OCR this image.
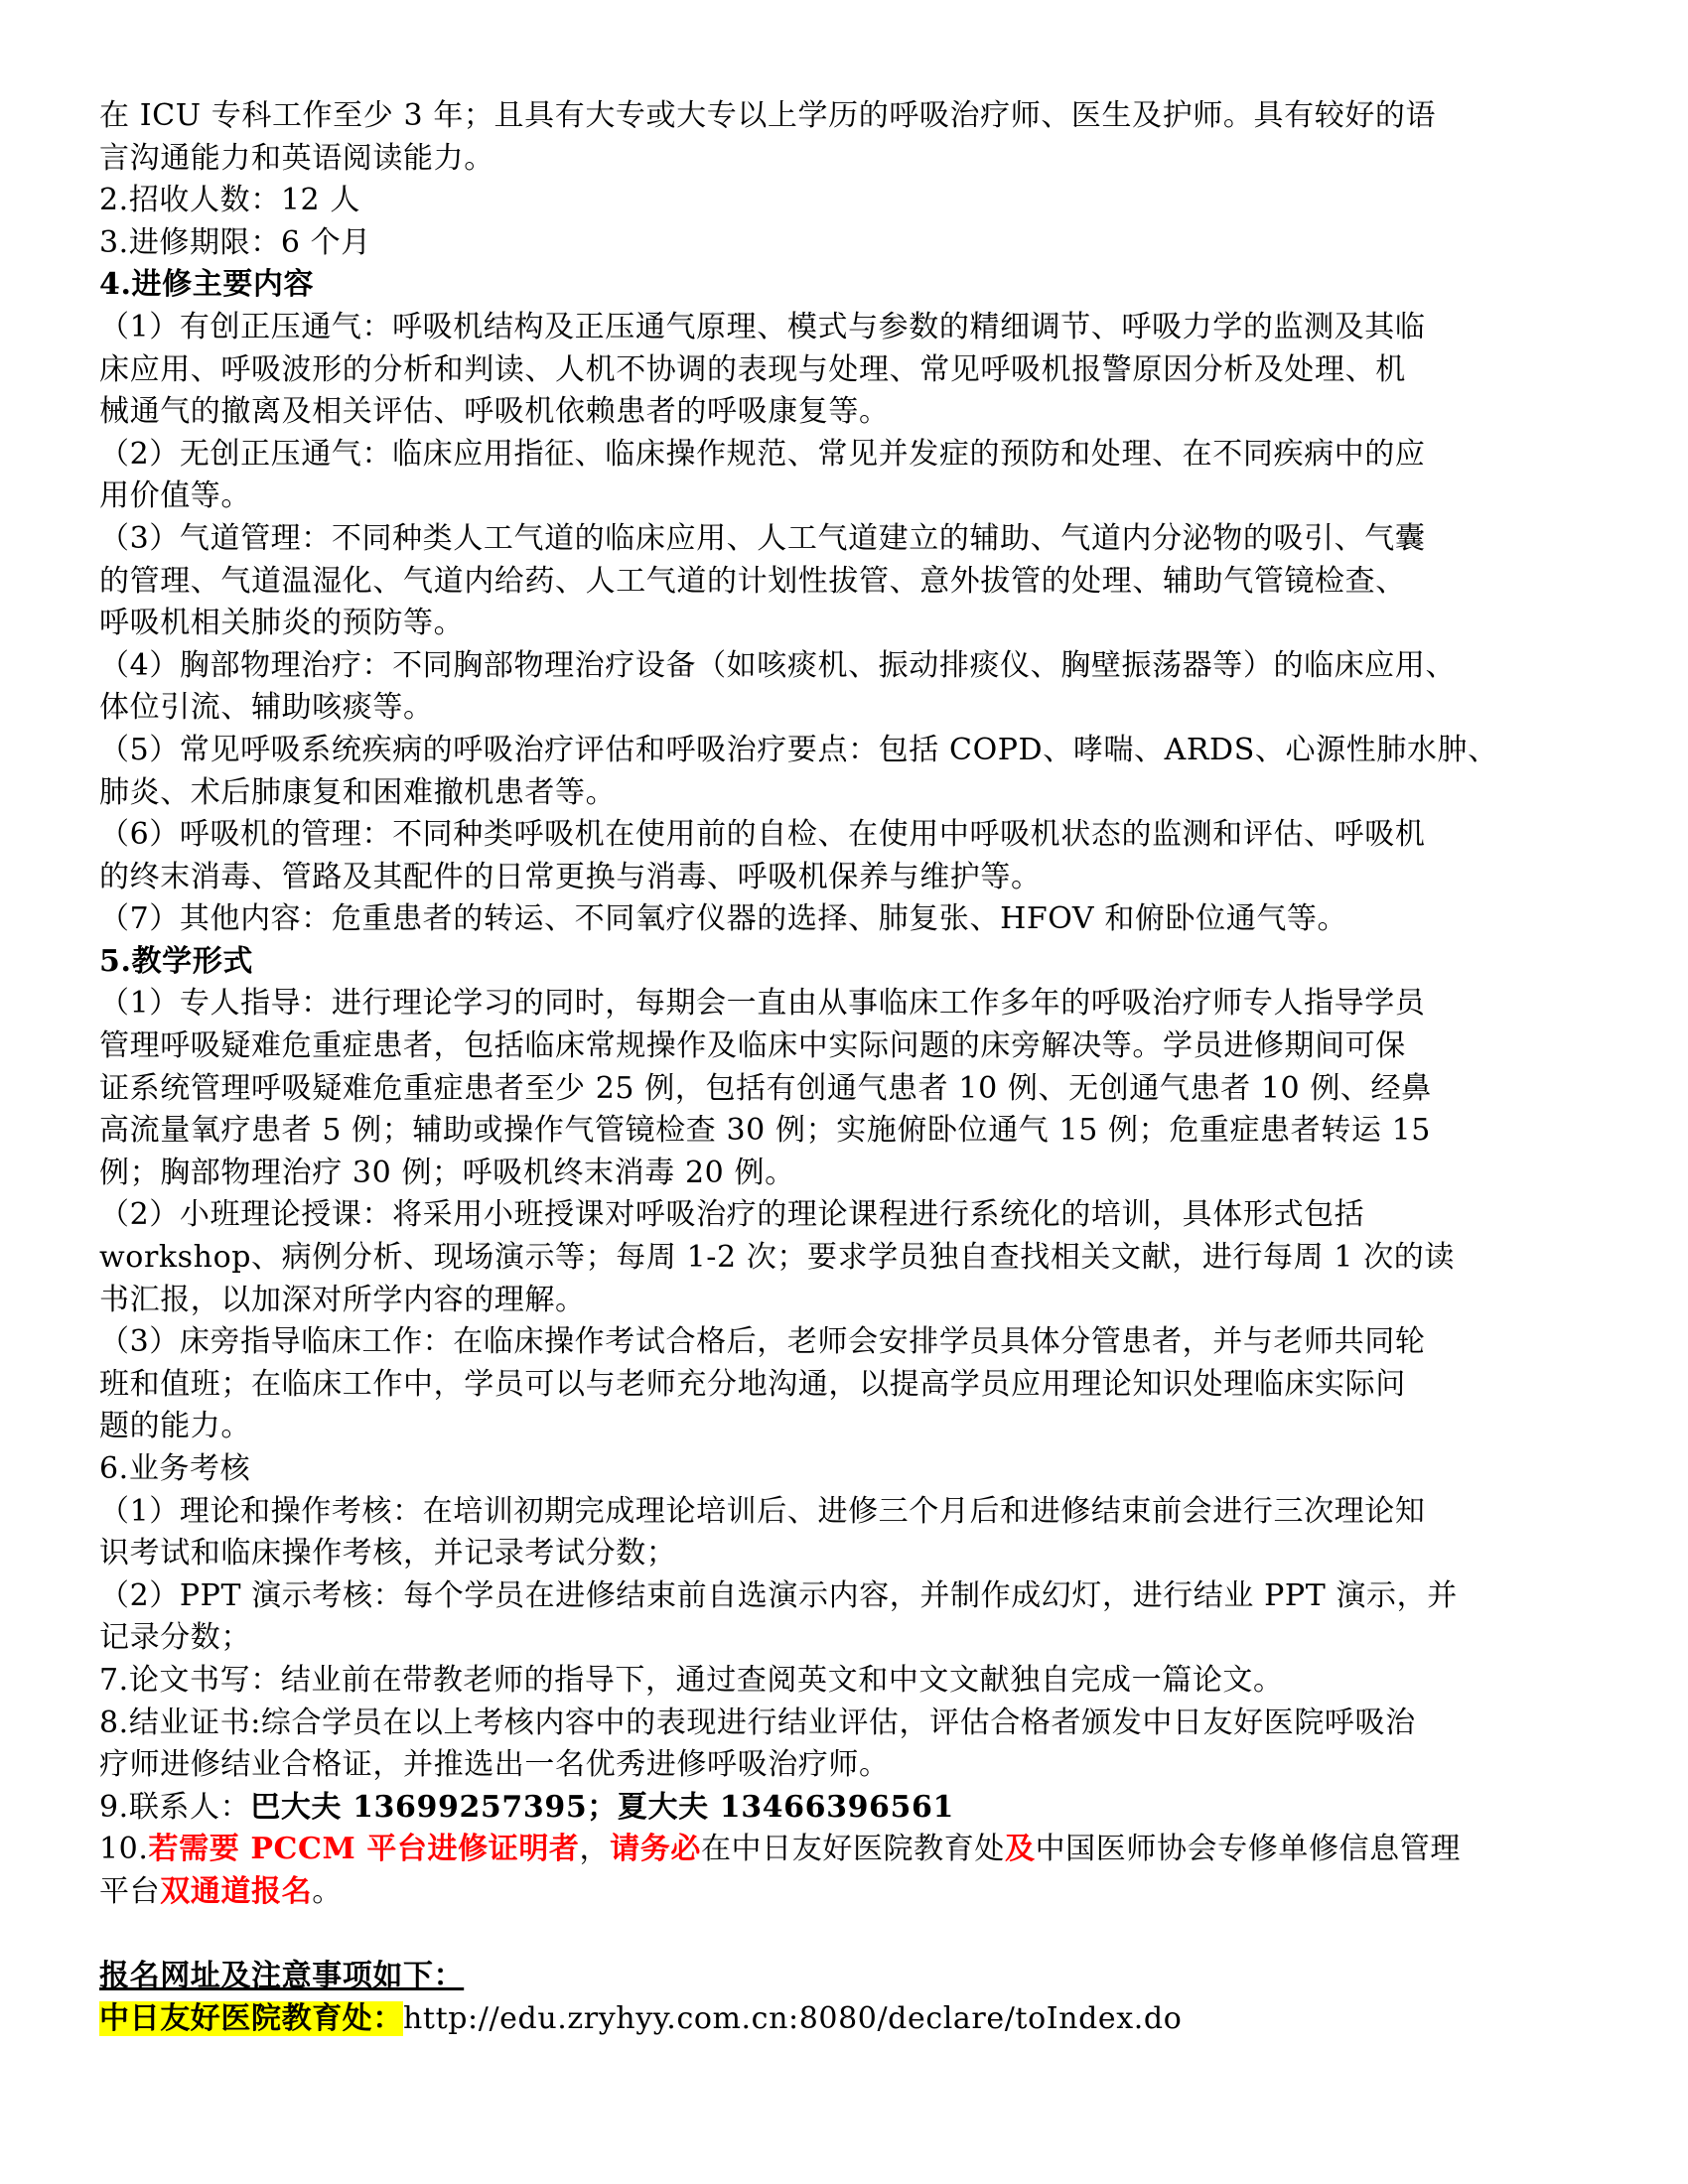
在 ICU 专科工作至少 3 年；且具有大专或大专以上学历的呼吸治疗师、医生及护师。具有较好的语
言沟通能力和英语阅读能力。
2.招收人数：12 人
3.进修期限：6 个月
4.进修主要内容
（1）有创正压通气：呼吸机结构及正压通气原理、模式与参数的精细调节、呼吸力学的监测及其临
床应用、呼吸波形的分析和判读、人机不协调的表现与处理、常见呼吸机报警原因分析及处理、机
械通气的撤离及相关评估、呼吸机依赖患者的呼吸康复等。
（2）无创正压通气：临床应用指征、临床操作规范、常见并发症的预防和处理、在不同疾病中的应
用价值等。
（3）气道管理：不同种类人工气道的临床应用、人工气道建立的辅助、气道内分泌物的吸引、气囊
的管理、气道温湿化、气道内给药、人工气道的计划性拔管、意外拔管的处理、辅助气管镜检查、
呼吸机相关肺炎的预防等。
（4）胸部物理治疗：不同胸部物理治疗设备（如咳痰机、振动排痰仪、胸壁振荡器等）的临床应用、
体位引流、辅助咳痰等。
（5）常见呼吸系统疾病的呼吸治疗评估和呼吸治疗要点：包括 COPD、哮喘、ARDS、心源性肺水肿、
肺炎、术后肺康复和困难撤机患者等。
（6）呼吸机的管理：不同种类呼吸机在使用前的自检、在使用中呼吸机状态的监测和评估、呼吸机
的终末消毒、管路及其配件的日常更换与消毒、呼吸机保养与维护等。
（7）其他内容：危重患者的转运、不同氧疗仪器的选择、肺复张、HFOV 和俯卧位通气等。
5.教学形式
（1）专人指导：进行理论学习的同时，每期会一直由从事临床工作多年的呼吸治疗师专人指导学员
管理呼吸疑难危重症患者，包括临床常规操作及临床中实际问题的床旁解决等。学员进修期间可保
证系统管理呼吸疑难危重症患者至少 25 例，包括有创通气患者 10 例、无创通气患者 10 例、经鼻
高流量氧疗患者 5 例；辅助或操作气管镜检查 30 例；实施俯卧位通气 15 例；危重症患者转运 15
例；胸部物理治疗 30 例；呼吸机终末消毒 20 例。
（2）小班理论授课：将采用小班授课对呼吸治疗的理论课程进行系统化的培训，具体形式包括
workshop、病例分析、现场演示等；每周 1-2 次；要求学员独自查找相关文献，进行每周 1 次的读
书汇报，以加深对所学内容的理解。
（3）床旁指导临床工作：在临床操作考试合格后，老师会安排学员具体分管患者，并与老师共同轮
班和值班；在临床工作中，学员可以与老师充分地沟通，以提高学员应用理论知识处理临床实际问
题的能力。
6.业务考核
（1）理论和操作考核：在培训初期完成理论培训后、进修三个月后和进修结束前会进行三次理论知
识考试和临床操作考核，并记录考试分数；
（2）PPT 演示考核：每个学员在进修结束前自选演示内容，并制作成幻灯，进行结业 PPT 演示，并
记录分数；
7.论文书写：结业前在带教老师的指导下，通过查阅英文和中文文献独自完成一篇论文。
8.结业证书:综合学员在以上考核内容中的表现进行结业评估，评估合格者颁发中日友好医院呼吸治
疗师进修结业合格证，并推选出一名优秀进修呼吸治疗师。
9.联系人：巴大夫 13699257395；夏大夫 13466396561
10.若需要 PCCM 平台进修证明者，请务必在中日友好医院教育处及中国医师协会专修单修信息管理
平台双通道报名。
报名网址及注意事项如下：
中日友好医院教育处：http://edu.zryhyy.com.cn:8080/declare/toIndex.do
